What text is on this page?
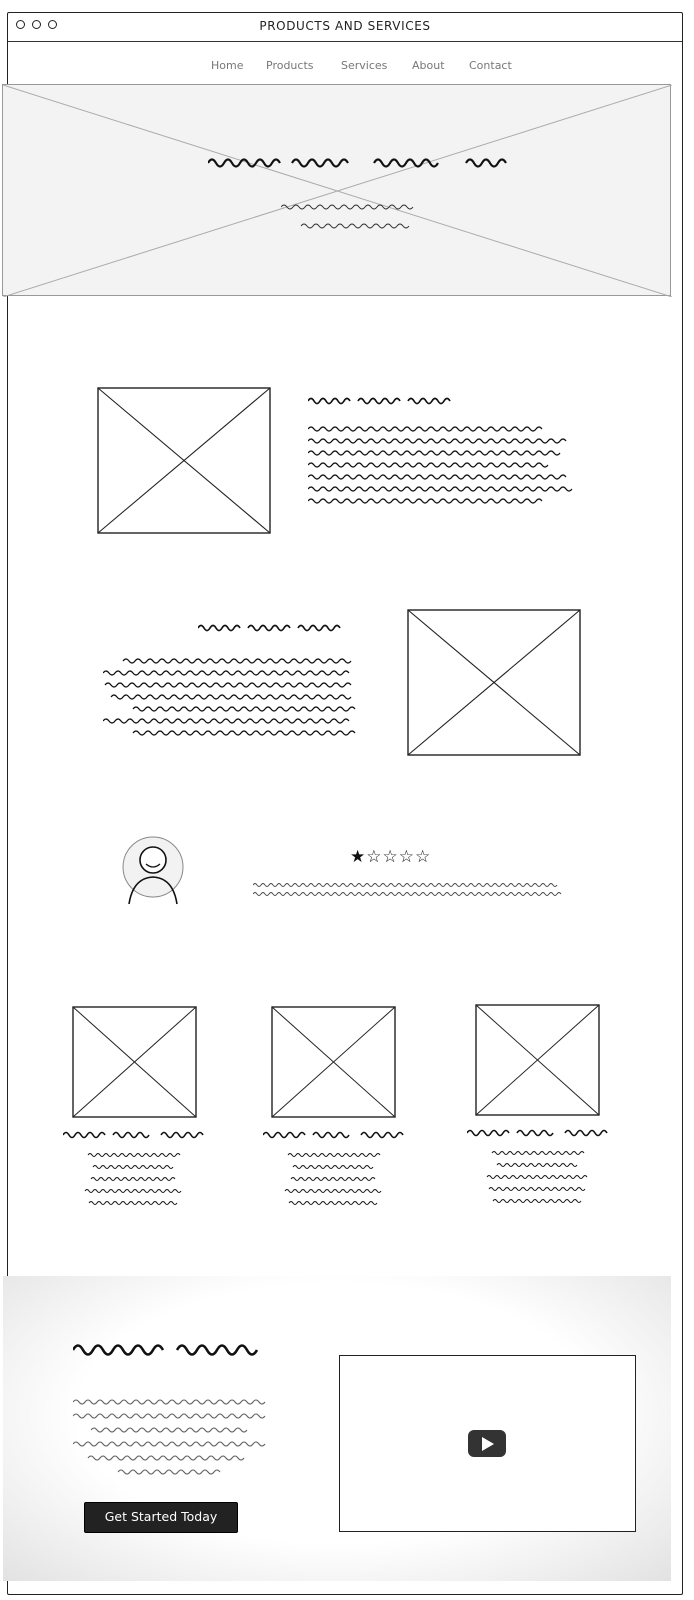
PRODUCTS AND SERVICES
Home Products	Services About Contact
★☆☆☆☆
Get Started Today
